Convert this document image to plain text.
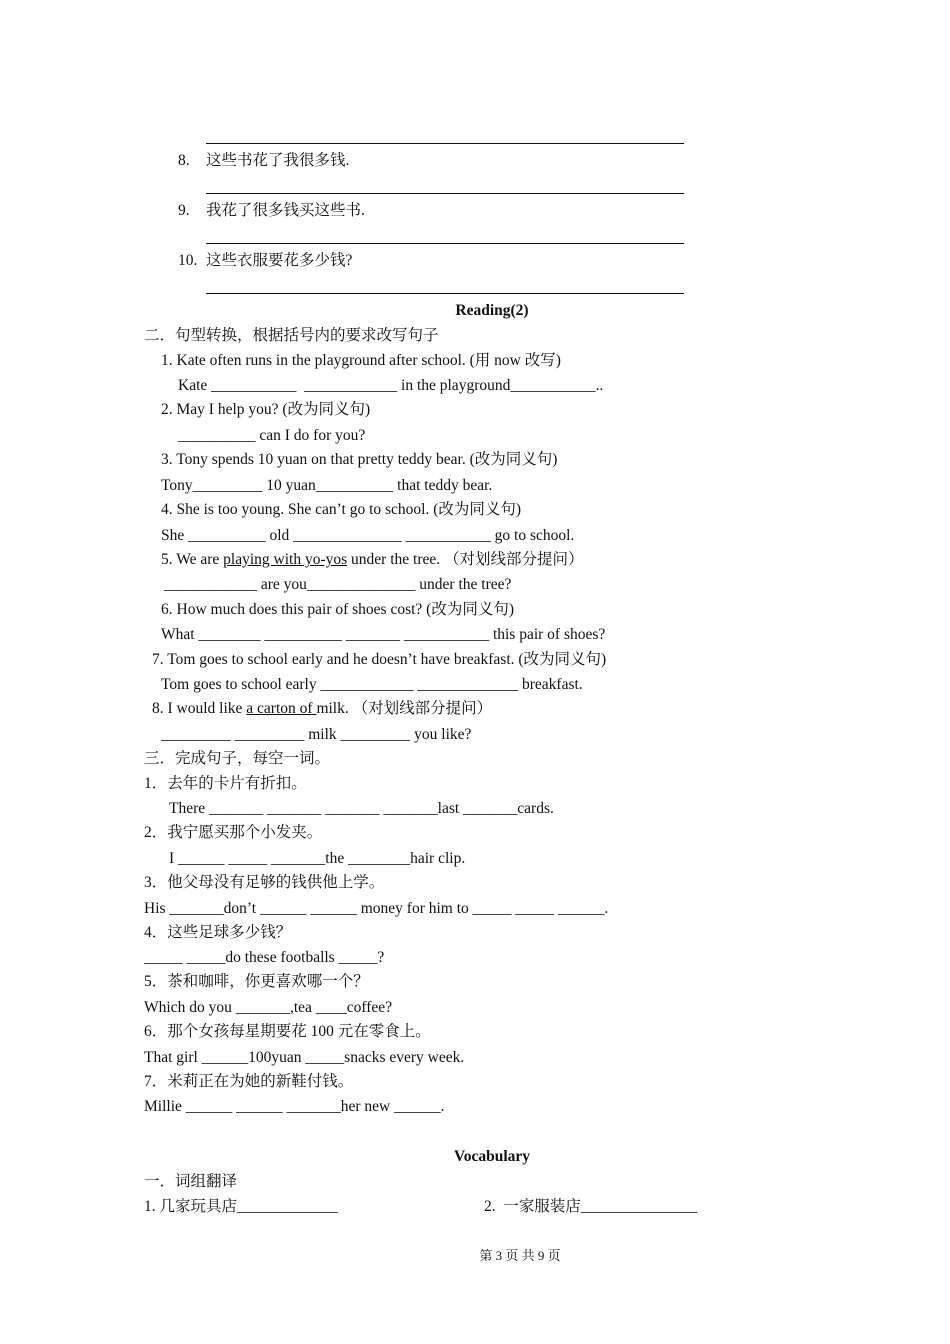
8. 这些书花了我很多钱.
9. 我花了很多钱买这些书.
10. 这些衣服要花多少钱?
Reading(2)
二．句型转换，根据括号内的要求改写句子
1. Kate often runs in the playground after school. (用 now 改写)
Kate ___________  ____________ in the playground___________..
2. May I help you? (改为同义句)
__________ can I do for you?
3. Tony spends 10 yuan on that pretty teddy bear. (改为同义句)
Tony_________ 10 yuan__________ that teddy bear.
4. She is too young. She can’t go to school. (改为同义句)
She __________ old ______________ ___________ go to school.
5. We are playing with yo-yos under the tree. （对划线部分提问）
____________ are you______________ under the tree?
6. How much does this pair of shoes cost? (改为同义句)
What ________ __________ _______ ___________ this pair of shoes?
7. Tom goes to school early and he doesn’t have breakfast. (改为同义句)
Tom goes to school early ____________ _____________ breakfast.
8. I would like a carton of milk. （对划线部分提问）
_________ _________ milk _________ you like?
三．完成句子，每空一词。
1．去年的卡片有折扣。
There _______ _______ _______ _______last _______cards.
2．我宁愿买那个小发夹。
I ______ _____ _______the ________hair clip.
3．他父母没有足够的钱供他上学。
His _______don’t ______ ______ money for him to _____ _____ ______.
4．这些足球多少钱？
_____ _____do these footballs _____?
5．茶和咖啡，你更喜欢哪一个？
Which do you _______,tea ____coffee?
6．那个女孩每星期要花 100 元在零食上。
That girl ______100yuan _____snacks every week.
7．米莉正在为她的新鞋付钱。
Millie ______ ______ _______her new ______.
Vocabulary
一．词组翻译
1. 几家玩具店_____________	2.  一家服装店_______________
第 3 页 共 9 页
